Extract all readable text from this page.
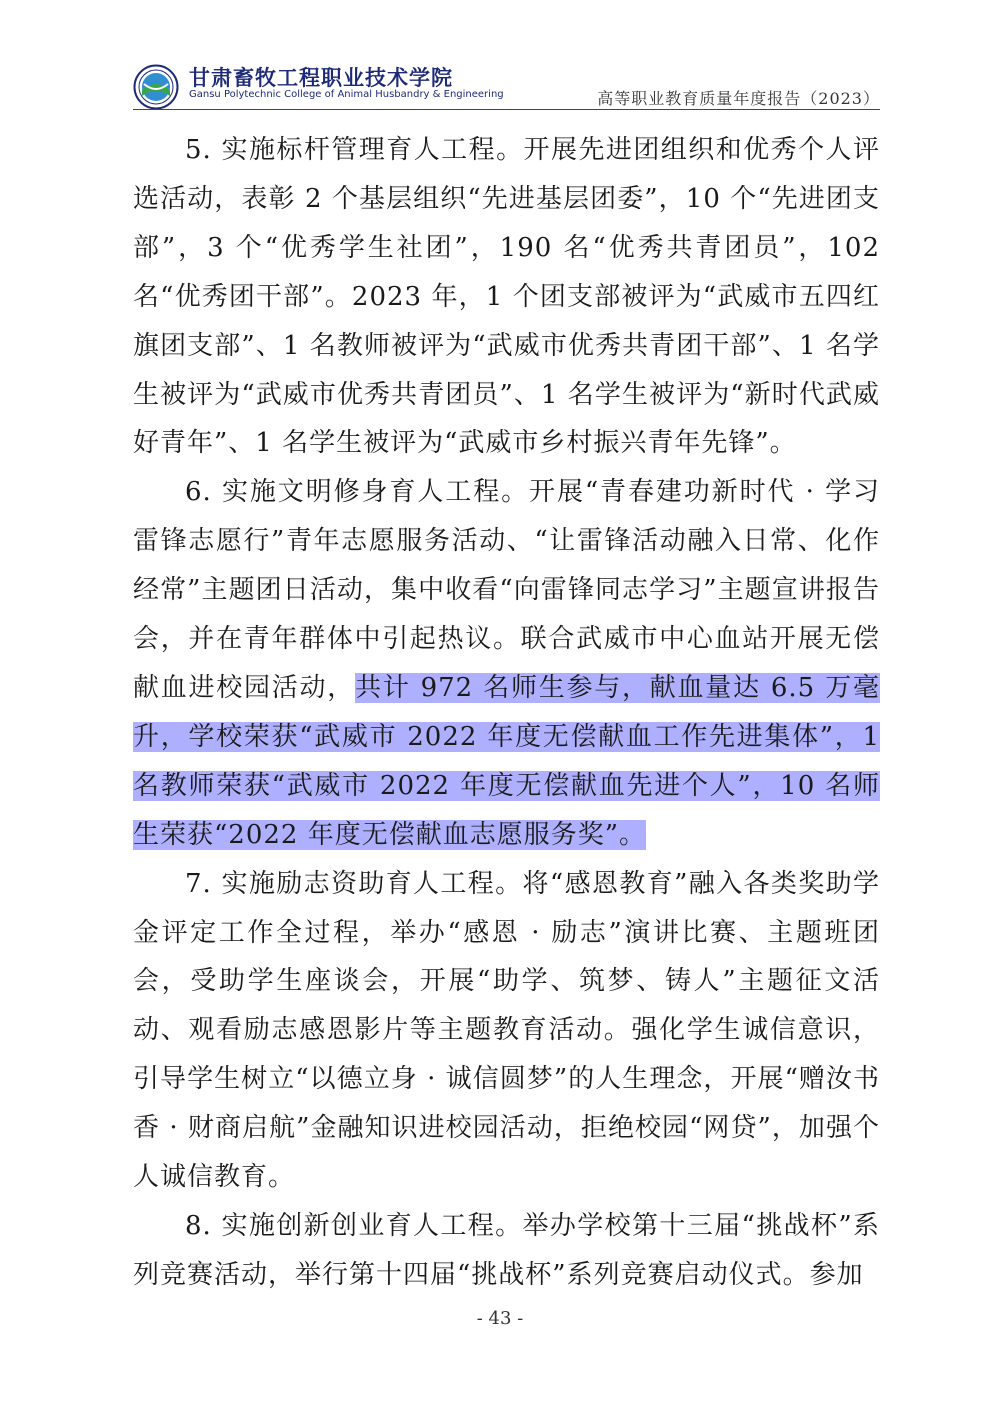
甘肃畜牧工程职业技术学院
Gansu Polytechnic College of Animal Husbandry & Engineering	高等职业教育质量年度报告（2023）

5. 实施标杆管理育人工程。开展先进团组织和优秀个人评选活动，表彰 2 个基层组织“先进基层团委”，10 个“先进团支部”，3 个“优秀学生社团”，190 名“优秀共青团员”，102 名“优秀团干部”。2023 年，1 个团支部被评为“武威市五四红旗团支部”、1 名教师被评为“武威市优秀共青团干部”、1 名学生被评为“武威市优秀共青团员”、1 名学生被评为“新时代武威好青年”、1 名学生被评为“武威市乡村振兴青年先锋”。

6. 实施文明修身育人工程。开展“青春建功新时代 · 学习雷锋志愿行”青年志愿服务活动、“让雷锋活动融入日常、化作经常”主题团日活动，集中收看“向雷锋同志学习”主题宣讲报告会，并在青年群体中引起热议。联合武威市中心血站开展无偿献血进校园活动，共计 972 名师生参与，献血量达 6.5 万毫升，学校荣获“武威市 2022 年度无偿献血工作先进集体”，1 名教师荣获“武威市 2022 年度无偿献血先进个人”，10 名师生荣获“2022 年度无偿献血志愿服务奖”。

7. 实施励志资助育人工程。将“感恩教育”融入各类奖助学金评定工作全过程，举办“感恩 · 励志”演讲比赛、主题班团会，受助学生座谈会，开展“助学、筑梦、铸人”主题征文活动、观看励志感恩影片等主题教育活动。强化学生诚信意识，引导学生树立“以德立身 · 诚信圆梦”的人生理念，开展“赠汝书香 · 财商启航”金融知识进校园活动，拒绝校园“网贷”，加强个人诚信教育。

8. 实施创新创业育人工程。举办学校第十三届“挑战杯”系列竞赛活动，举行第十四届“挑战杯”系列竞赛启动仪式。参加

- 43 -
